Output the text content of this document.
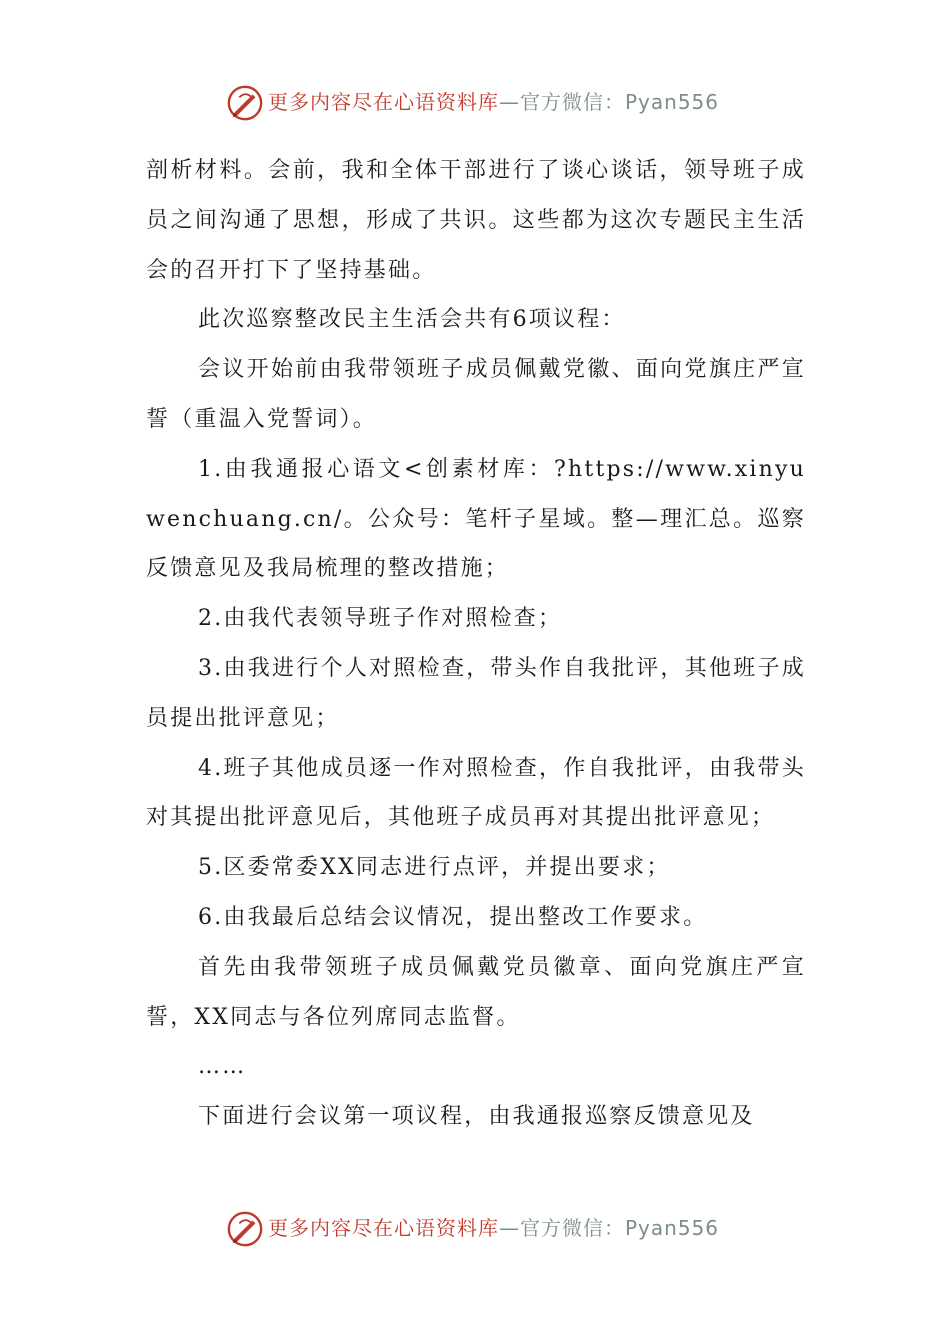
更多内容尽在心语资料库—官方微信：Pyan556

剖析材料。会前，我和全体干部进行了谈心谈话，领导班子成员之间沟通了思想，形成了共识。这些都为这次专题民主生活会的召开打下了坚持基础。

此次巡察整改民主生活会共有6项议程：

会议开始前由我带领班子成员佩戴党徽、面向党旗庄严宣誓（重温入党誓词）。

1.由我通报心语文<创素材库：?https://www.xinyuwenchuang.cn/。公众号：笔杆子星域。整—理汇总。巡察反馈意见及我局梳理的整改措施；

2.由我代表领导班子作对照检查；

3.由我进行个人对照检查，带头作自我批评，其他班子成员提出批评意见；

4.班子其他成员逐一作对照检查，作自我批评，由我带头对其提出批评意见后，其他班子成员再对其提出批评意见；

5.区委常委XX同志进行点评，并提出要求；

6.由我最后总结会议情况，提出整改工作要求。

首先由我带领班子成员佩戴党员徽章、面向党旗庄严宣誓，XX同志与各位列席同志监督。

……

下面进行会议第一项议程，由我通报巡察反馈意见及

更多内容尽在心语资料库—官方微信：Pyan556
